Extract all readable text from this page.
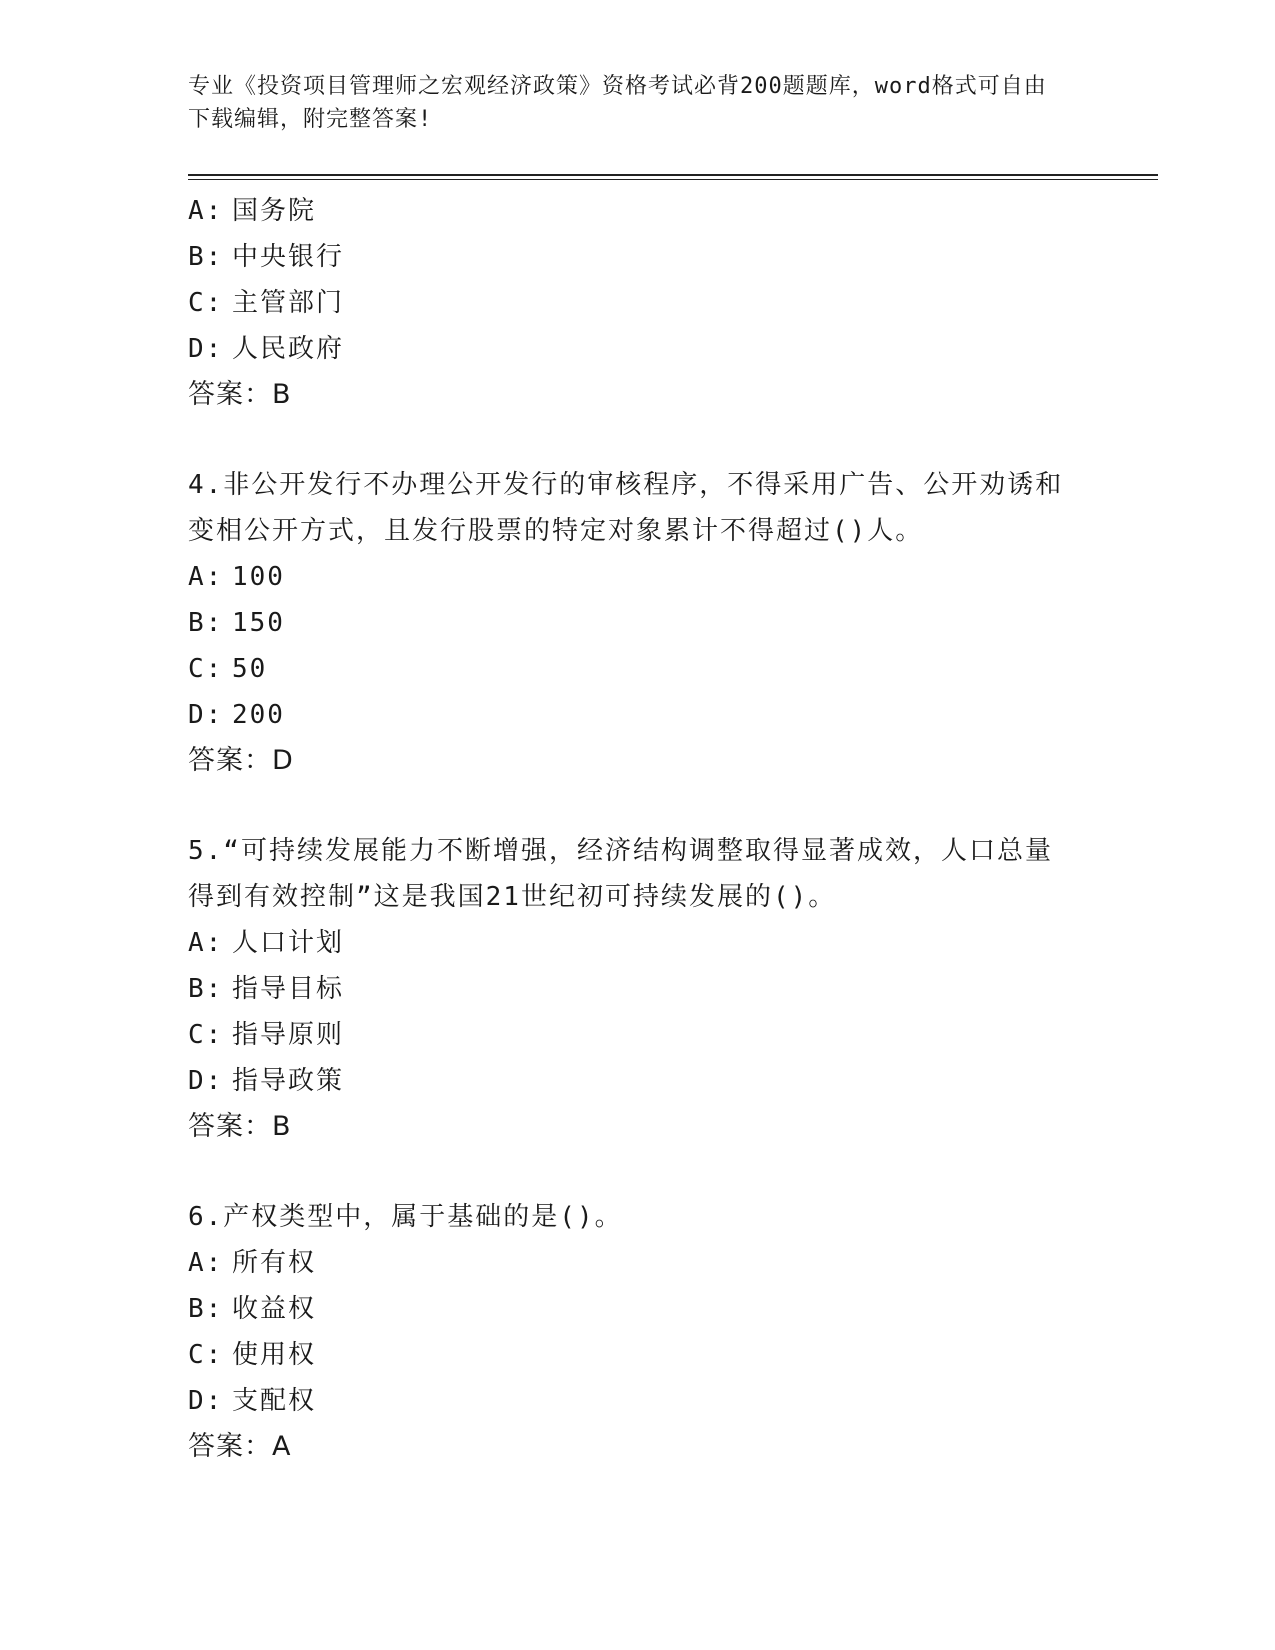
专业《投资项目管理师之宏观经济政策》资格考试必背200题题库，word格式可自由下载编辑，附完整答案!

A: 国务院

B: 中央银行

C: 主管部门

D: 人民政府

答案：B

4.非公开发行不办理公开发行的审核程序，不得采用广告、公开劝诱和变相公开方式，且发行股票的特定对象累计不得超过()人。

A: 100

B: 150

C: 50

D: 200

答案：D

5.“可持续发展能力不断增强，经济结构调整取得显著成效，人口总量得到有效控制”这是我国21世纪初可持续发展的()。

A: 人口计划

B: 指导目标

C: 指导原则

D: 指导政策

答案：B

6.产权类型中，属于基础的是()。

A: 所有权

B: 收益权

C: 使用权

D: 支配权

答案：A
